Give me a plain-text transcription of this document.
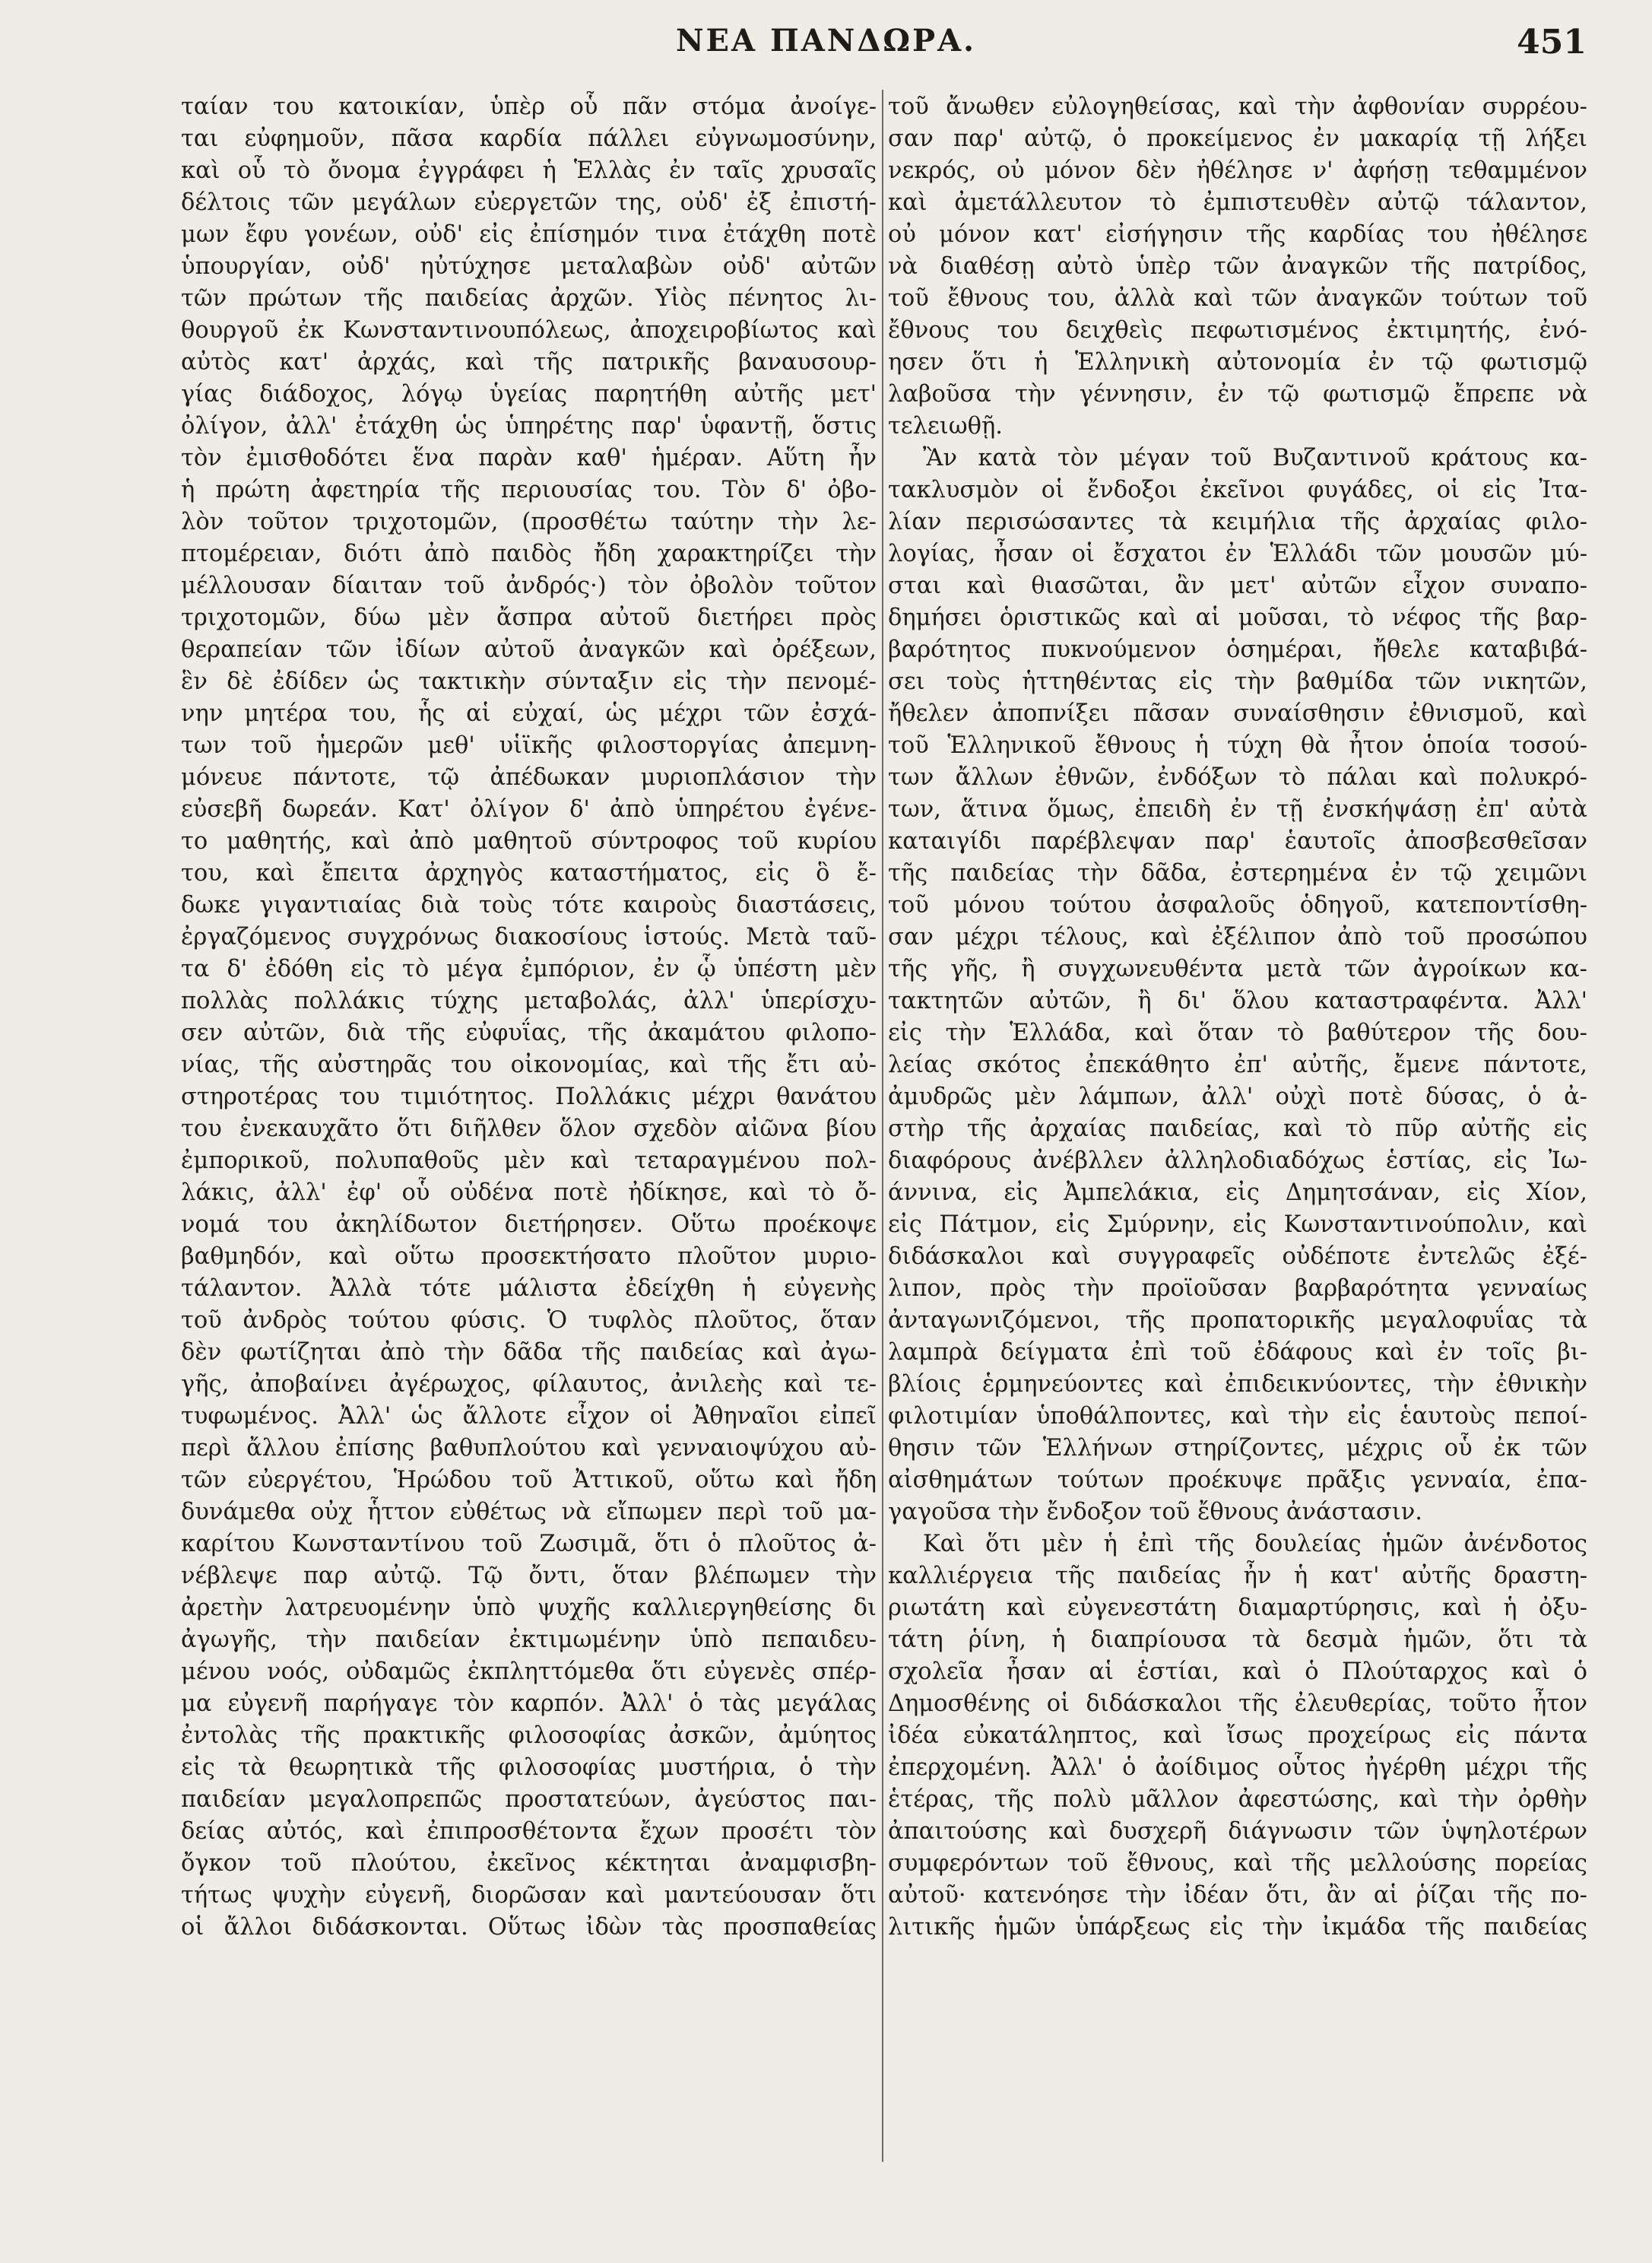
ΝΕΑ ΠΑΝΔΩΡΑ.	451
ταίαν του κατοικίαν, ὑπὲρ οὗ πᾶν στόμα ἀνοίγε-
ται εὐφημοῦν, πᾶσα καρδία πάλλει εὐγνωμοσύνην,
καὶ οὗ τὸ ὄνομα ἐγγράφει ἡ Ἑλλὰς ἐν ταῖς χρυσαῖς
δέλτοις τῶν μεγάλων εὐεργετῶν της, οὐδ' ἐξ ἐπιστή-
μων ἔφυ γονέων, οὐδ' εἰς ἐπίσημόν τινα ἐτάχθη ποτὲ
ὑπουργίαν, οὐδ' ηὐτύχησε μεταλαβὼν οὐδ' αὐτῶν
τῶν πρώτων τῆς παιδείας ἀρχῶν. Υἱὸς πένητος λι-
θουργοῦ ἐκ Κωνσταντινουπόλεως, ἀποχειροβίωτος καὶ
αὐτὸς κατ' ἀρχάς, καὶ τῆς πατρικῆς βαναυσουρ-
γίας διάδοχος, λόγῳ ὑγείας παρητήθη αὐτῆς μετ'
ὀλίγον, ἀλλ' ἐτάχθη ὡς ὑπηρέτης παρ' ὑφαντῇ, ὅστις
τὸν ἐμισθοδότει ἕνα παρὰν καθ' ἡμέραν. Αὕτη ἦν
ἡ πρώτη ἀφετηρία τῆς περιουσίας του. Τὸν δ' ὀβο-
λὸν τοῦτον τριχοτομῶν, (προσθέτω ταύτην τὴν λε-
πτομέρειαν, διότι ἀπὸ παιδὸς ἤδη χαρακτηρίζει τὴν
μέλλουσαν δίαιταν τοῦ ἀνδρός·) τὸν ὀβολὸν τοῦτον
τριχοτομῶν, δύω μὲν ἄσπρα αὐτοῦ διετήρει πρὸς
θεραπείαν τῶν ἰδίων αὐτοῦ ἀναγκῶν καὶ ὀρέξεων,
ἓν δὲ ἐδίδεν ὡς τακτικὴν σύνταξιν εἰς τὴν πενομέ-
νην μητέρα του, ἧς αἱ εὐχαί, ὡς μέχρι τῶν ἐσχά-
των τοῦ ἡμερῶν μεθ' υἱϊκῆς φιλοστοργίας ἀπεμνη-
μόνευε πάντοτε, τῷ ἀπέδωκαν μυριοπλάσιον τὴν
εὐσεβῆ δωρεάν. Κατ' ὀλίγον δ' ἀπὸ ὑπηρέτου ἐγένε-
το μαθητής, καὶ ἀπὸ μαθητοῦ σύντροφος τοῦ κυρίου
του, καὶ ἔπειτα ἀρχηγὸς καταστήματος, εἰς ὃ ἔ-
δωκε γιγαντιαίας διὰ τοὺς τότε καιροὺς διαστάσεις,
ἐργαζόμενος συγχρόνως διακοσίους ἱστούς. Μετὰ ταῦ-
τα δ' ἐδόθη εἰς τὸ μέγα ἐμπόριον, ἐν ᾧ ὑπέστη μὲν
πολλὰς πολλάκις τύχης μεταβολάς, ἀλλ' ὑπερίσχυ-
σεν αὐτῶν, διὰ τῆς εὐφυΐας, τῆς ἀκαμάτου φιλοπο-
νίας, τῆς αὐστηρᾶς του οἰκονομίας, καὶ τῆς ἔτι αὐ-
στηροτέρας του τιμιότητος. Πολλάκις μέχρι θανάτου
του ἐνεκαυχᾶτο ὅτι διῆλθεν ὅλον σχεδὸν αἰῶνα βίου
ἐμπορικοῦ, πολυπαθοῦς μὲν καὶ τεταραγμένου πολ-
λάκις, ἀλλ' ἐφ' οὗ οὐδένα ποτὲ ἠδίκησε, καὶ τὸ ὄ-
νομά του ἀκηλίδωτον διετήρησεν. Οὕτω προέκοψε
βαθμηδόν, καὶ οὕτω προσεκτήσατο πλοῦτον μυριο-
τάλαντον. Ἀλλὰ τότε μάλιστα ἐδείχθη ἡ εὐγενὴς
τοῦ ἀνδρὸς τούτου φύσις. Ὁ τυφλὸς πλοῦτος, ὅταν
δὲν φωτίζηται ἀπὸ τὴν δᾶδα τῆς παιδείας καὶ ἀγω-
γῆς, ἀποβαίνει ἀγέρωχος, φίλαυτος, ἀνιλεὴς καὶ τε-
τυφωμένος. Ἀλλ' ὡς ἄλλοτε εἶχον οἱ Ἀθηναῖοι εἰπεῖ
περὶ ἄλλου ἐπίσης βαθυπλούτου καὶ γενναιοψύχου αὐ-
τῶν εὐεργέτου, Ἡρώδου τοῦ Ἀττικοῦ, οὕτω καὶ ἤδη
δυνάμεθα οὐχ ἧττον εὐθέτως νὰ εἴπωμεν περὶ τοῦ μα-
καρίτου Κωνσταντίνου τοῦ Ζωσιμᾶ, ὅτι ὁ πλοῦτος ἀ-
νέβλεψε παρ αὐτῷ. Τῷ ὄντι, ὅταν βλέπωμεν τὴν
ἀρετὴν λατρευομένην ὑπὸ ψυχῆς καλλιεργηθείσης δι
ἀγωγῆς, τὴν παιδείαν ἐκτιμωμένην ὑπὸ πεπαιδευ-
μένου νοός, οὐδαμῶς ἐκπληττόμεθα ὅτι εὐγενὲς σπέρ-
μα εὐγενῆ παρήγαγε τὸν καρπόν. Ἀλλ' ὁ τὰς μεγάλας
ἐντολὰς τῆς πρακτικῆς φιλοσοφίας ἀσκῶν, ἀμύητος
εἰς τὰ θεωρητικὰ τῆς φιλοσοφίας μυστήρια, ὁ τὴν
παιδείαν μεγαλοπρεπῶς προστατεύων, ἀγεύστος παι-
δείας αὐτός, καὶ ἐπιπροσθέτοντα ἔχων προσέτι τὸν
ὄγκον τοῦ πλούτου, ἐκεῖνος κέκτηται ἀναμφισβη-
τήτως ψυχὴν εὐγενῆ, διορῶσαν καὶ μαντεύουσαν ὅτι
οἱ ἄλλοι διδάσκονται. Οὕτως ἰδὼν τὰς προσπαθείας
τοῦ ἄνωθεν εὐλογηθείσας, καὶ τὴν ἀφθονίαν συρρέου-
σαν παρ' αὐτῷ, ὁ προκείμενος ἐν μακαρίᾳ τῇ λήξει
νεκρός, οὐ μόνον δὲν ἠθέλησε ν' ἀφήσῃ τεθαμμένον
καὶ ἀμετάλλευτον τὸ ἐμπιστευθὲν αὐτῷ τάλαντον,
οὐ μόνον κατ' εἰσήγησιν τῆς καρδίας του ἠθέλησε
νὰ διαθέσῃ αὐτὸ ὑπὲρ τῶν ἀναγκῶν τῆς πατρίδος,
τοῦ ἔθνους του, ἀλλὰ καὶ τῶν ἀναγκῶν τούτων τοῦ
ἔθνους του δειχθεὶς πεφωτισμένος ἐκτιμητής, ἐνό-
ησεν ὅτι ἡ Ἑλληνικὴ αὐτονομία ἐν τῷ φωτισμῷ
λαβοῦσα τὴν γέννησιν, ἐν τῷ φωτισμῷ ἔπρεπε νὰ
τελειωθῇ.
Ἂν κατὰ τὸν μέγαν τοῦ Βυζαντινοῦ κράτους κα-
τακλυσμὸν οἱ ἔνδοξοι ἐκεῖνοι φυγάδες, οἱ εἰς Ἰτα-
λίαν περισώσαντες τὰ κειμήλια τῆς ἀρχαίας φιλο-
λογίας, ἦσαν οἱ ἔσχατοι ἐν Ἑλλάδι τῶν μουσῶν μύ-
σται καὶ θιασῶται, ἂν μετ' αὐτῶν εἶχον συναπο-
δημήσει ὁριστικῶς καὶ αἱ μοῦσαι, τὸ νέφος τῆς βαρ-
βαρότητος πυκνούμενον ὁσημέραι, ἤθελε καταβιβά-
σει τοὺς ἡττηθέντας εἰς τὴν βαθμίδα τῶν νικητῶν,
ἤθελεν ἀποπνίξει πᾶσαν συναίσθησιν ἐθνισμοῦ, καὶ
τοῦ Ἑλληνικοῦ ἔθνους ἡ τύχη θὰ ἦτον ὁποία τοσού-
των ἄλλων ἐθνῶν, ἐνδόξων τὸ πάλαι καὶ πολυκρό-
των, ἅτινα ὅμως, ἐπειδὴ ἐν τῇ ἐνσκήψάσῃ ἐπ' αὐτὰ
καταιγίδι παρέβλεψαν παρ' ἑαυτοῖς ἀποσβεσθεῖσαν
τῆς παιδείας τὴν δᾶδα, ἐστερημένα ἐν τῷ χειμῶνι
τοῦ μόνου τούτου ἀσφαλοῦς ὁδηγοῦ, κατεποντίσθη-
σαν μέχρι τέλους, καὶ ἐξέλιπον ἀπὸ τοῦ προσώπου
τῆς γῆς, ἢ συγχωνευθέντα μετὰ τῶν ἀγροίκων κα-
τακτητῶν αὐτῶν, ἢ δι' ὅλου καταστραφέντα. Ἀλλ'
εἰς τὴν Ἑλλάδα, καὶ ὅταν τὸ βαθύτερον τῆς δου-
λείας σκότος ἐπεκάθητο ἐπ' αὐτῆς, ἔμενε πάντοτε,
ἀμυδρῶς μὲν λάμπων, ἀλλ' οὐχὶ ποτὲ δύσας, ὁ ἀ-
στὴρ τῆς ἀρχαίας παιδείας, καὶ τὸ πῦρ αὐτῆς εἰς
διαφόρους ἀνέβλλεν ἀλληλοδιαδόχως ἑστίας, εἰς Ἰω-
άννινα, εἰς Ἀμπελάκια, εἰς Δημητσάναν, εἰς Χίον,
εἰς Πάτμον, εἰς Σμύρνην, εἰς Κωνσταντινούπολιν, καὶ
διδάσκαλοι καὶ συγγραφεῖς οὐδέποτε ἐντελῶς ἐξέ-
λιπον, πρὸς τὴν προϊοῦσαν βαρβαρότητα γενναίως
ἀνταγωνιζόμενοι, τῆς προπατορικῆς μεγαλοφυΐας τὰ
λαμπρὰ δείγματα ἐπὶ τοῦ ἐδάφους καὶ ἐν τοῖς βι-
βλίοις ἑρμηνεύοντες καὶ ἐπιδεικνύοντες, τὴν ἐθνικὴν
φιλοτιμίαν ὑποθάλποντες, καὶ τὴν εἰς ἑαυτοὺς πεποί-
θησιν τῶν Ἑλλήνων στηρίζοντες, μέχρις οὗ ἐκ τῶν
αἰσθημάτων τούτων προέκυψε πρᾶξις γενναία, ἐπα-
γαγοῦσα τὴν ἔνδοξον τοῦ ἔθνους ἀνάστασιν.
Καὶ ὅτι μὲν ἡ ἐπὶ τῆς δουλείας ἡμῶν ἀνένδοτος
καλλιέργεια τῆς παιδείας ἦν ἡ κατ' αὐτῆς δραστη-
ριωτάτη καὶ εὐγενεστάτη διαμαρτύρησις, καὶ ἡ ὀξυ-
τάτη ῥίνη, ἡ διαπρίουσα τὰ δεσμὰ ἡμῶν, ὅτι τὰ
σχολεῖα ἦσαν αἱ ἑστίαι, καὶ ὁ Πλούταρχος καὶ ὁ
Δημοσθένης οἱ διδάσκαλοι τῆς ἐλευθερίας, τοῦτο ἦτον
ἰδέα εὐκατάληπτος, καὶ ἴσως προχείρως εἰς πάντα
ἐπερχομένη. Ἀλλ' ὁ ἀοίδιμος οὗτος ἠγέρθη μέχρι τῆς
ἑτέρας, τῆς πολὺ μᾶλλον ἀφεστώσης, καὶ τὴν ὀρθὴν
ἀπαιτούσης καὶ δυσχερῆ διάγνωσιν τῶν ὑψηλοτέρων
συμφερόντων τοῦ ἔθνους, καὶ τῆς μελλούσης πορείας
αὐτοῦ· κατενόησε τὴν ἰδέαν ὅτι, ἂν αἱ ῥίζαι τῆς πο-
λιτικῆς ἡμῶν ὑπάρξεως εἰς τὴν ἰκμάδα τῆς παιδείας
